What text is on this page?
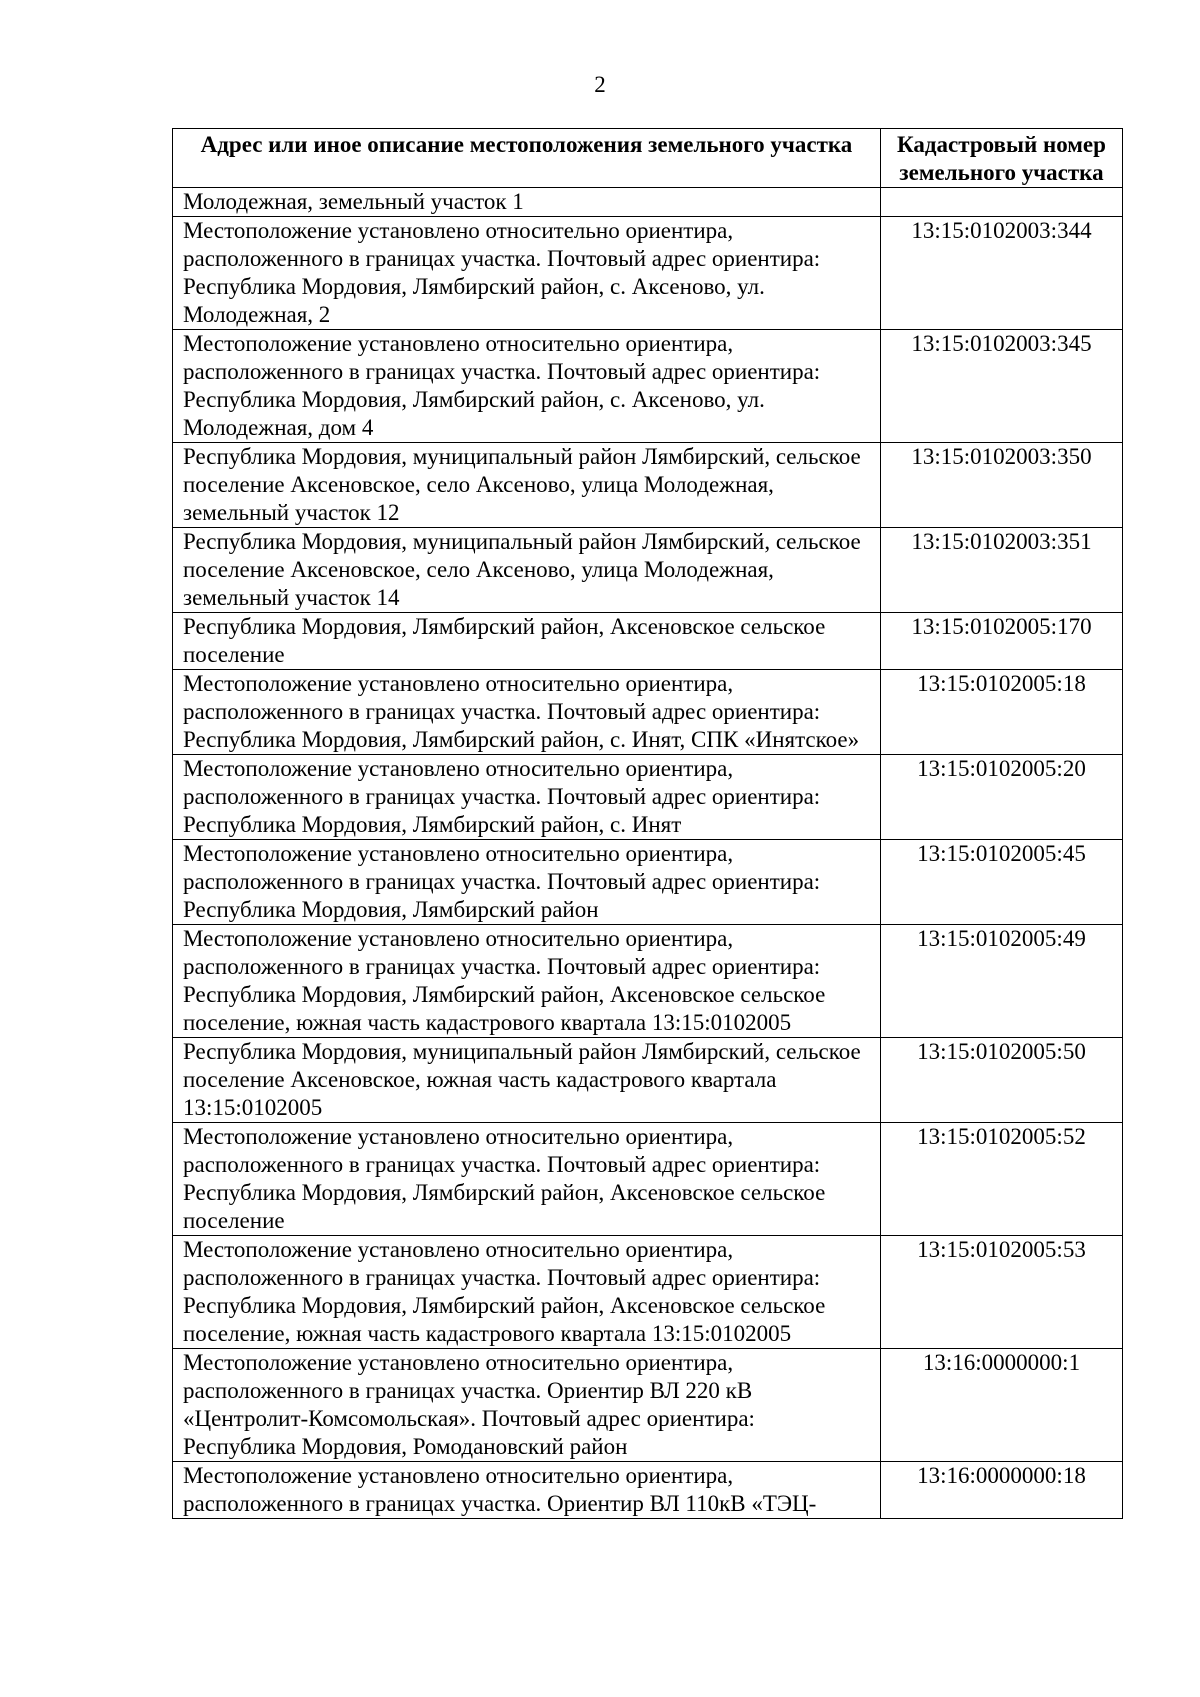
2
Адрес или иное описание местоположения земельного участка	Кадастровый номер земельного участка
Молодежная, земельный участок 1	
Местоположение установлено относительно ориентира, расположенного в границах участка. Почтовый адрес ориентира: Республика Мордовия, Лямбирский район, с. Аксеново, ул. Молодежная, 2	13:15:0102003:344
Местоположение установлено относительно ориентира, расположенного в границах участка. Почтовый адрес ориентира: Республика Мордовия, Лямбирский район, с. Аксеново, ул. Молодежная, дом 4	13:15:0102003:345
Республика Мордовия, муниципальный район Лямбирский, сельское поселение Аксеновское, село Аксеново, улица Молодежная, земельный участок 12	13:15:0102003:350
Республика Мордовия, муниципальный район Лямбирский, сельское поселение Аксеновское, село Аксеново, улица Молодежная, земельный участок 14	13:15:0102003:351
Республика Мордовия, Лямбирский район, Аксеновское сельское поселение	13:15:0102005:170
Местоположение установлено относительно ориентира, расположенного в границах участка. Почтовый адрес ориентира: Республика Мордовия, Лямбирский район, с. Инят, СПК «Инятское»	13:15:0102005:18
Местоположение установлено относительно ориентира, расположенного в границах участка. Почтовый адрес ориентира: Республика Мордовия, Лямбирский район, с. Инят	13:15:0102005:20
Местоположение установлено относительно ориентира, расположенного в границах участка. Почтовый адрес ориентира: Республика Мордовия, Лямбирский район	13:15:0102005:45
Местоположение установлено относительно ориентира, расположенного в границах участка. Почтовый адрес ориентира: Республика Мордовия, Лямбирский район, Аксеновское сельское поселение, южная часть кадастрового квартала 13:15:0102005	13:15:0102005:49
Республика Мордовия, муниципальный район Лямбирский, сельское поселение Аксеновское, южная часть кадастрового квартала 13:15:0102005	13:15:0102005:50
Местоположение установлено относительно ориентира, расположенного в границах участка. Почтовый адрес ориентира: Республика Мордовия, Лямбирский район, Аксеновское сельское поселение	13:15:0102005:52
Местоположение установлено относительно ориентира, расположенного в границах участка. Почтовый адрес ориентира: Республика Мордовия, Лямбирский район, Аксеновское сельское поселение, южная часть кадастрового квартала 13:15:0102005	13:15:0102005:53
Местоположение установлено относительно ориентира, расположенного в границах участка. Ориентир ВЛ 220 кВ «Центролит-Комсомольская». Почтовый адрес ориентира: Республика Мордовия, Ромодановский район	13:16:0000000:1
Местоположение установлено относительно ориентира, расположенного в границах участка. Ориентир ВЛ 110кВ «ТЭЦ-	13:16:0000000:18
